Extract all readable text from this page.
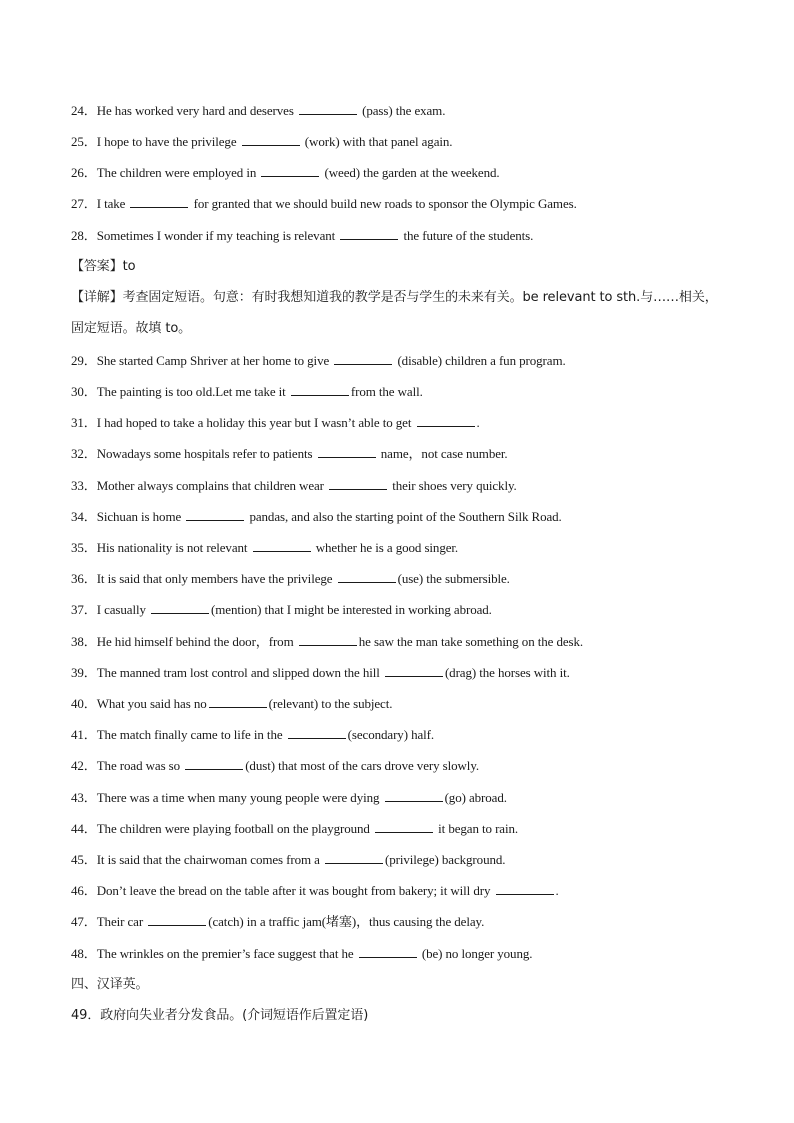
24．He has worked very hard and deserves	(pass) the exam.
25．I hope to have the privilege	(work) with that panel again.
26．The children were employed in	(weed) the garden at the weekend.
27．I take	for granted that we should build new roads to sponsor the Olympic Games.
28．Sometimes I wonder if my teaching is relevant	the future of the students.
【答案】to
【详解】考查固定短语。句意：有时我想知道我的教学是否与学生的未来有关。be relevant to sth.与……相关，固定短语。故填 to。
29．She started Camp Shriver at her home to give	(disable) children a fun program.
30．The painting is too old.Let me take it	from the wall.
31．I had hoped to take a holiday this year but I wasn’t able to get	.
32．Nowadays some hospitals refer to patients	name，not case number.
33．Mother always complains that children wear	their shoes very quickly.
34．Sichuan is home	pandas, and also the starting point of the Southern Silk Road.
35．His nationality is not relevant	whether he is a good singer.
36．It is said that only members have the privilege	(use) the submersible.
37．I casually	(mention) that I might be interested in working abroad.
38．He hid himself behind the door，from	he saw the man take something on the desk.
39．The manned tram lost control and slipped down the hill	(drag) the horses with it.
40．What you said has no	(relevant) to the subject.
41．The match finally came to life in the	(secondary) half.
42．The road was so	(dust) that most of the cars drove very slowly.
43．There was a time when many young people were dying	(go) abroad.
44．The children were playing football on the playground	it began to rain.
45．It is said that the chairwoman comes from a	(privilege) background.
46．Don’t leave the bread on the table after it was bought from bakery; it will dry	.
47．Their car	(catch) in a traffic jam(堵塞)，thus causing the delay.
48．The wrinkles on the premier’s face suggest that he	(be) no longer young.
四、汉译英。
49．政府向失业者分发食品。(介词短语作后置定语)
